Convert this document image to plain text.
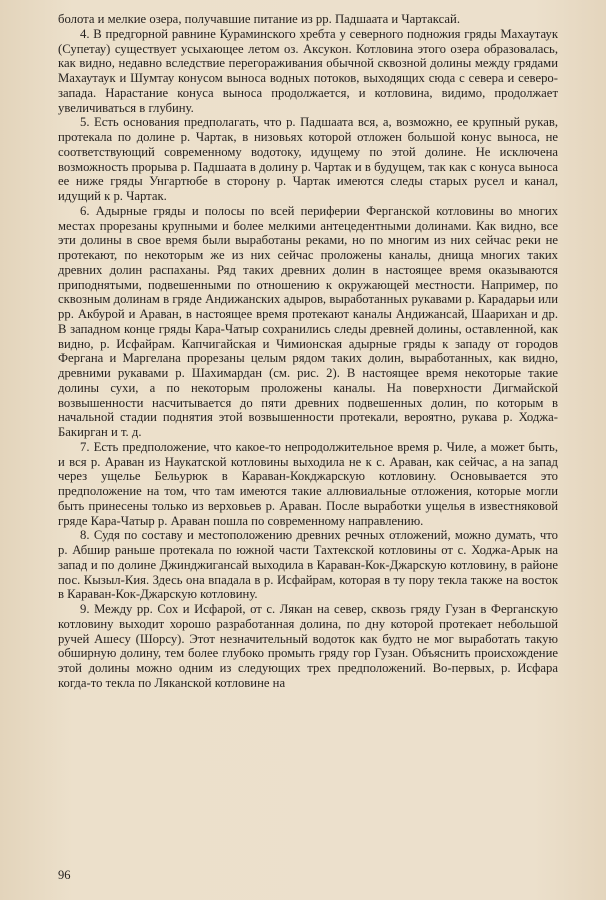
болота и мелкие озера, получавшие питание из рр. Падшаата и Чартаксай.

4. В предгорной равнине Кураминского хребта у северного подножия гряды Махаутаук (Супетау) существует усыхающее летом оз. Аксукон. Котловина этого озера образовалась, как видно, недавно вследствие перегораживания обычной сквозной долины между грядами Махаутаук и Шумтау конусом выноса водных потоков, выходящих сюда с севера и северо-запада. Нарастание конуса выноса продолжается, и котловина, видимо, продолжает увеличиваться в глубину.

5. Есть основания предполагать, что р. Падшаата вся, а, возможно, ее крупный рукав, протекала по долине р. Чартак, в низовьях которой отложен большой конус выноса, не соответствующий современному водотоку, идущему по этой долине. Не исключена возможность прорыва р. Падшаата в долину р. Чартак и в будущем, так как с конуса выноса ее ниже гряды Унгартюбе в сторону р. Чартак имеются следы старых русел и канал, идущий к р. Чартак.

6. Адырные гряды и полосы по всей периферии Ферганской котловины во многих местах прорезаны крупными и более мелкими антецедентными долинами. Как видно, все эти долины в свое время были выработаны реками, но по многим из них сейчас реки не протекают, по некоторым же из них сейчас проложены каналы, днища многих таких древних долин распаханы. Ряд таких древних долин в настоящее время оказываются приподнятыми, подвешенными по отношению к окружающей местности. Например, по сквозным долинам в гряде Андижанских адыров, выработанных рукавами р. Карадарьи или рр. Акбурой и Араван, в настоящее время протекают каналы Андижансай, Шаарихан и др. В западном конце гряды Кара-Чатыр сохранились следы древней долины, оставленной, как видно, р. Исфайрам. Капчигайская и Чимионская адырные гряды к западу от городов Фергана и Маргелана прорезаны целым рядом таких долин, выработанных, как видно, древними рукавами р. Шахимардан (см. рис. 2). В настоящее время некоторые такие долины сухи, а по некоторым проложены каналы. На поверхности Дигмайской возвышенности насчитывается до пяти древних подвешенных долин, по которым в начальной стадии поднятия этой возвышенности протекали, вероятно, рукава р. Ходжа-Бакирган и т. д.

7. Есть предположение, что какое-то непродолжительное время р. Чиле, а может быть, и вся р. Араван из Наукатской котловины выходила не к с. Араван, как сейчас, а на запад через ущелье Бельурюк в Караван-Кокджарскую котловину. Основывается это предположение на том, что там имеются такие аллювиальные отложения, которые могли быть принесены только из верховьев р. Араван. После выработки ущелья в известняковой гряде Кара-Чатыр р. Араван пошла по современному направлению.

8. Судя по составу и местоположению древних речных отложений, можно думать, что р. Абшир раньше протекала по южной части Тахтекской котловины от с. Ходжа-Арык на запад и по долине Джинджигансай выходила в Караван-Кок-Джарскую котловину, в районе пос. Кызыл-Кия. Здесь она впадала в р. Исфайрам, которая в ту пору текла также на восток в Караван-Кок-Джарскую котловину.

9. Между рр. Сох и Исфарой, от с. Лякан на север, сквозь гряду Гузан в Ферганскую котловину выходит хорошо разработанная долина, по дну которой протекает небольшой ручей Ашесу (Шорсу). Этот незначительный водоток как будто не мог выработать такую обширную долину, тем более глубоко промыть гряду гор Гузан. Объяснить происхождение этой долины можно одним из следующих трех предположений. Во-первых, р. Исфара когда-то текла по Ляканской котловине на

96
